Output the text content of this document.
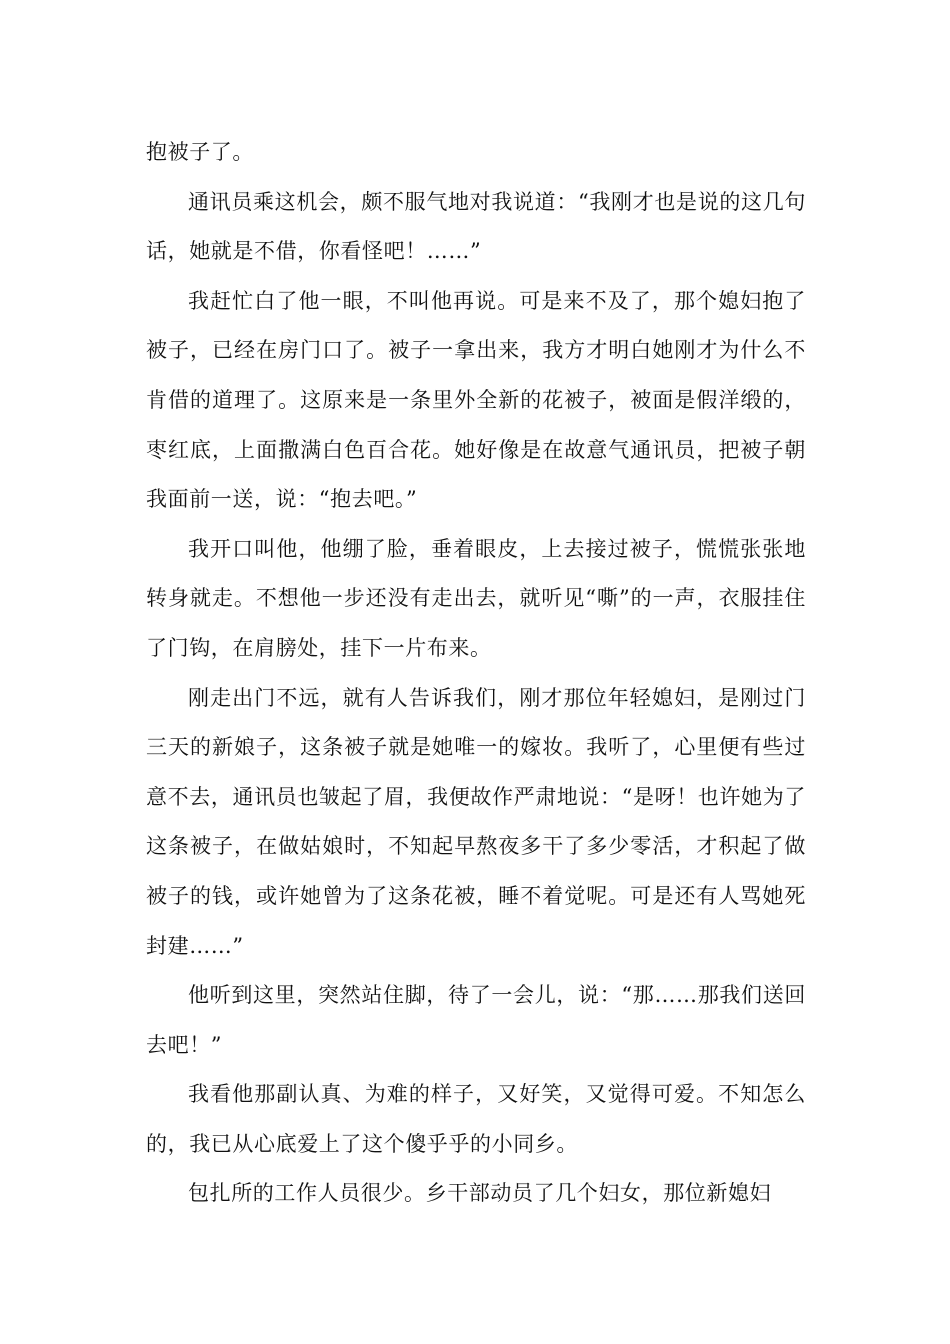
抱被子了。

通讯员乘这机会，颇不服气地对我说道：“我刚才也是说的这几句话，她就是不借，你看怪吧！……”

我赶忙白了他一眼，不叫他再说。可是来不及了，那个媳妇抱了被子，已经在房门口了。被子一拿出来，我方才明白她刚才为什么不肯借的道理了。这原来是一条里外全新的花被子，被面是假洋缎的，枣红底，上面撒满白色百合花。她好像是在故意气通讯员，把被子朝我面前一送，说：“抱去吧。”

我开口叫他，他绷了脸，垂着眼皮，上去接过被子，慌慌张张地转身就走。不想他一步还没有走出去，就听见“嘶”的一声，衣服挂住了门钩，在肩膀处，挂下一片布来。

刚走出门不远，就有人告诉我们，刚才那位年轻媳妇，是刚过门三天的新娘子，这条被子就是她唯一的嫁妆。我听了，心里便有些过意不去，通讯员也皱起了眉，我便故作严肃地说：“是呀！也许她为了这条被子，在做姑娘时，不知起早熬夜多干了多少零活，才积起了做被子的钱，或许她曾为了这条花被，睡不着觉呢。可是还有人骂她死封建……”

他听到这里，突然站住脚，待了一会儿，说：“那……那我们送回去吧！”

我看他那副认真、为难的样子，又好笑，又觉得可爱。不知怎么的，我已从心底爱上了这个傻乎乎的小同乡。

包扎所的工作人员很少。乡干部动员了几个妇女，那位新媳妇
